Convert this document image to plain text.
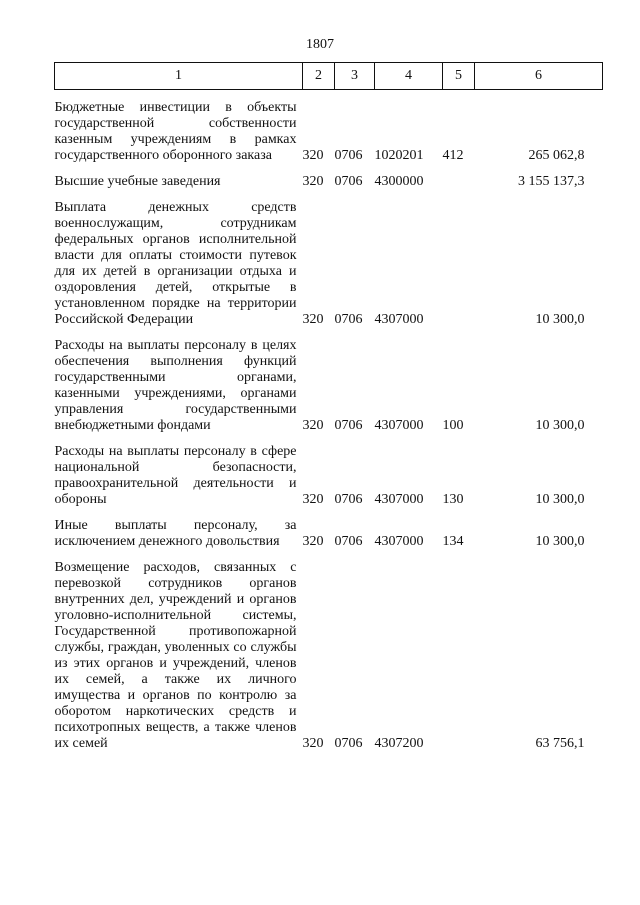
1807
1	2	3	4	5	6

Бюджетные инвестиции в объекты государственной собственности казенным учреждениям в рамках государственного оборонного заказа	320	0706	1020201	412	265 062,8

Высшие учебные заведения	320	0706	4300000		3 155 137,3

Выплата денежных средств военнослужащим, сотрудникам федеральных органов исполнительной власти для оплаты стоимости путевок для их детей в организации отдыха и оздоровления детей, открытые в установленном порядке на территории Российской Федерации	320	0706	4307000		10 300,0

Расходы на выплаты персоналу в целях обеспечения выполнения функций государственными органами, казенными учреждениями, органами управления государственными внебюджетными фондами	320	0706	4307000	100	10 300,0

Расходы на выплаты персоналу в сфере национальной безопасности, правоохранительной деятельности и обороны	320	0706	4307000	130	10 300,0

Иные выплаты персоналу, за исключением денежного довольствия	320	0706	4307000	134	10 300,0

Возмещение расходов, связанных с перевозкой сотрудников органов внутренних дел, учреждений и органов уголовно-исполнительной системы, Государственной противопожарной службы, граждан, уволенных со службы из этих органов и учреждений, членов их семей, а также их личного имущества и органов по контролю за оборотом наркотических средств и психотропных веществ, а также членов их семей	320	0706	4307200		63 756,1
